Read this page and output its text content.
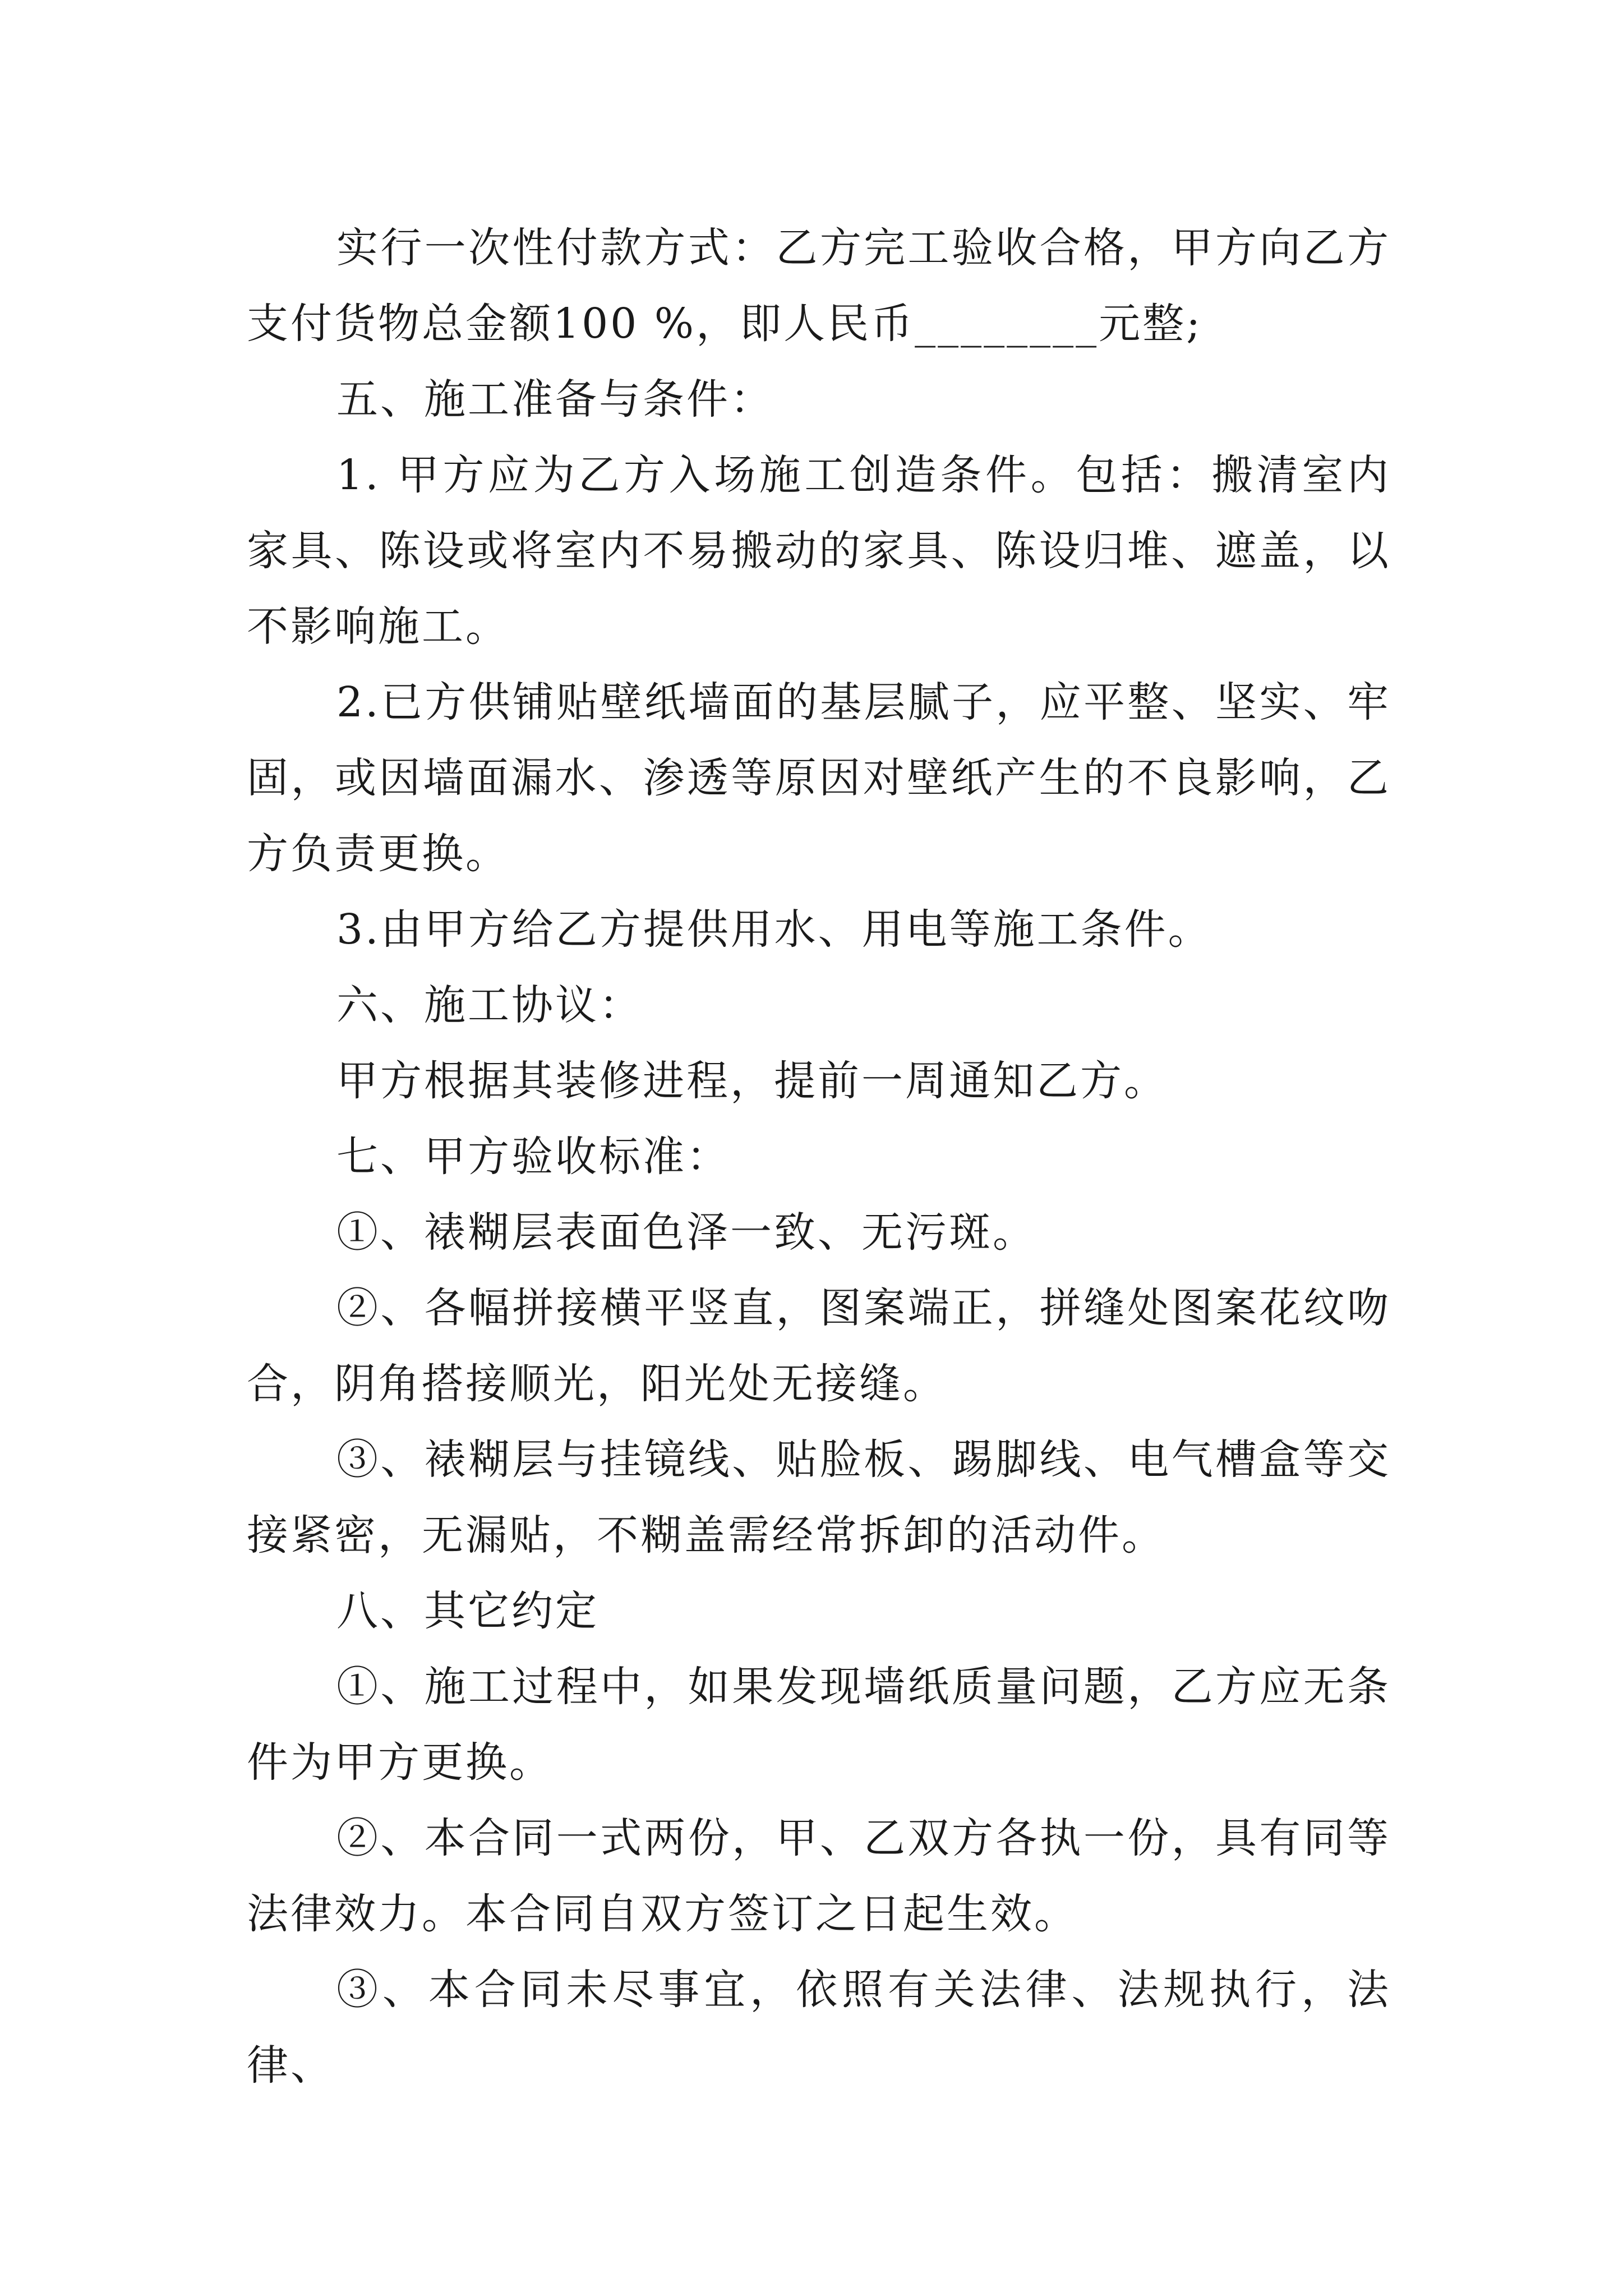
实行一次性付款方式：乙方完工验收合格，甲方向乙方支付货物总金额100 %，即人民币________元整;

五、施工准备与条件：

1. 甲方应为乙方入场施工创造条件。包括：搬清室内家具、陈设或将室内不易搬动的家具、陈设归堆、遮盖，以不影响施工。

2.已方供铺贴壁纸墙面的基层腻子，应平整、坚实、牢固，或因墙面漏水、渗透等原因对壁纸产生的不良影响，乙方负责更换。

3.由甲方给乙方提供用水、用电等施工条件。

六、施工协议：

甲方根据其装修进程，提前一周通知乙方。

七、甲方验收标准：

①、裱糊层表面色泽一致、无污斑。

②、各幅拼接横平竖直，图案端正，拼缝处图案花纹吻合，阴角搭接顺光，阳光处无接缝。

③、裱糊层与挂镜线、贴脸板、踢脚线、电气槽盒等交接紧密，无漏贴，不糊盖需经常拆卸的活动件。

八、其它约定

①、施工过程中，如果发现墙纸质量问题，乙方应无条件为甲方更换。

②、本合同一式两份，甲、乙双方各执一份，具有同等法律效力。本合同自双方签订之日起生效。

③、本合同未尽事宜，依照有关法律、法规执行，法律、
